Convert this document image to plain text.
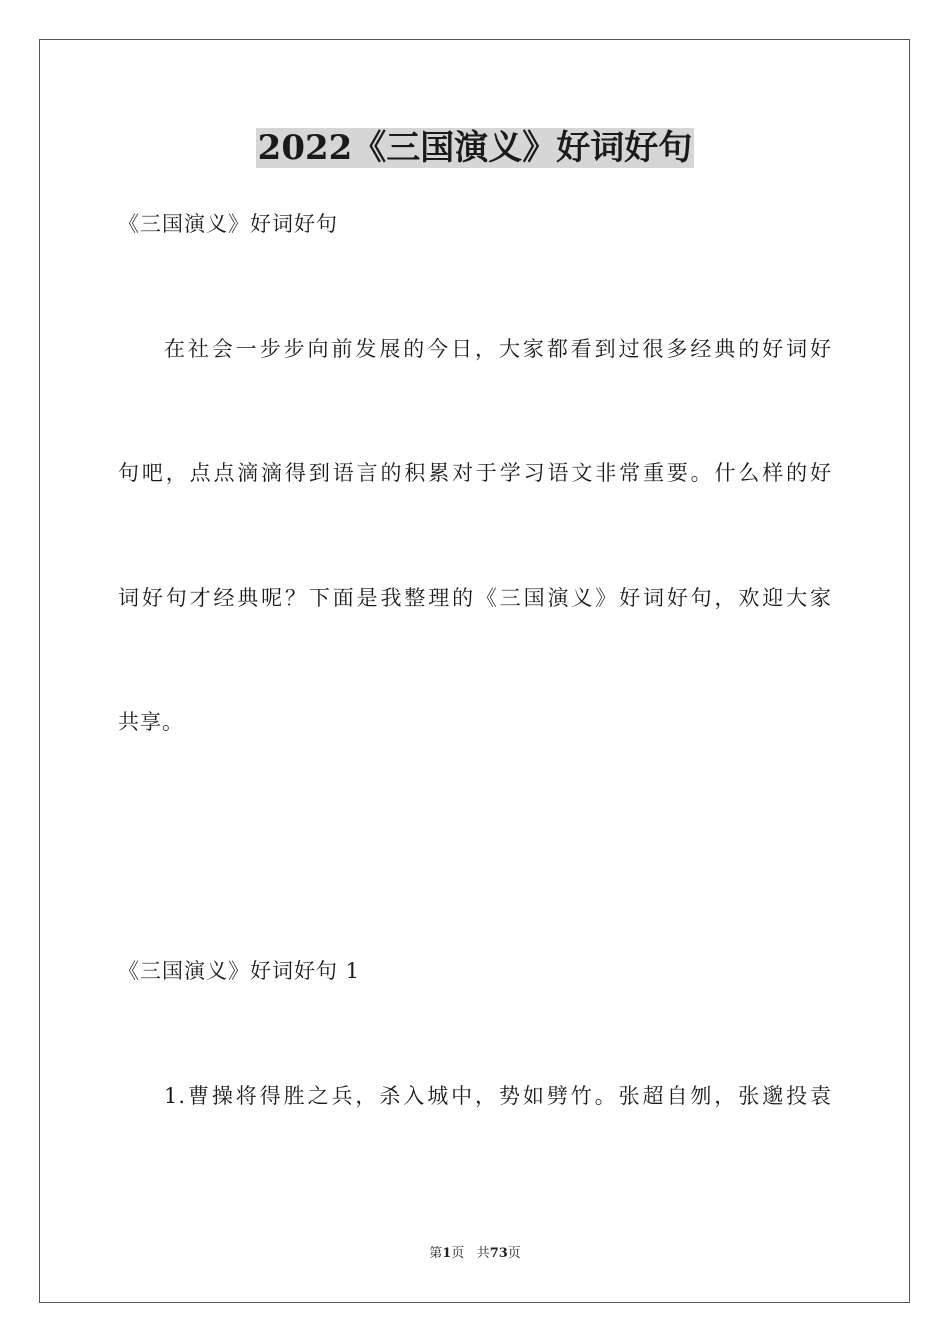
2022《三国演义》好词好句
《三国演义》好词好句
在社会一步步向前发展的今日，大家都看到过很多经典的好词好
句吧，点点滴滴得到语言的积累对于学习语文非常重要。什么样的好
词好句才经典呢？下面是我整理的《三国演义》好词好句，欢迎大家
共享。
《三国演义》好词好句 1
1.曹操将得胜之兵，杀入城中，势如劈竹。张超自刎，张邈投袁
第1页 共73页
